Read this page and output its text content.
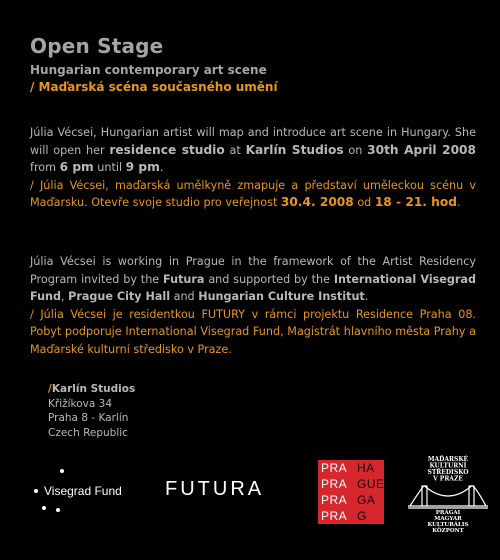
Open Stage
Hungarian contemporary art scene
/ Maďarská scéna současného umění
Júlia Vécsei, Hungarian artist will map and introduce art scene in Hungary. She will open her residence studio at Karlín Studios on 30th April 2008 from 6 pm until 9 pm.
/ Júlia Vécsei, maďarská umělkyně zmapuje a představí uměleckou scénu v Maďarsku. Otevře svoje studio pro veřejnost 30.4. 2008 od 18 - 21. hod.
Júlia Vécsei is working in Prague in the framework of the Artist Residency Program invited by the Futura and supported by the International Visegrad Fund, Prague City Hall and Hungarian Culture Institut.
/ Júlia Vécsei je residentkou FUTURY v rámci projektu Residence Praha 08. Pobyt podporuje International Visegrad Fund, Magistrát hlavního města Prahy a Maďarské kulturní středisko v Praze.
/Karlín Studios
Křižíkova 34
Praha 8 - Karlín
Czech Republic
Visegrad Fund FUTURA
PRA HA
PRA GUE
PRA GA
PRA G
MAĎARSKÉ
KULTURNÍ
STŘEDISKO
V PRAZE
PRÁGAI
MAGYAR
KULTURÁLIS
KÖZPONT
